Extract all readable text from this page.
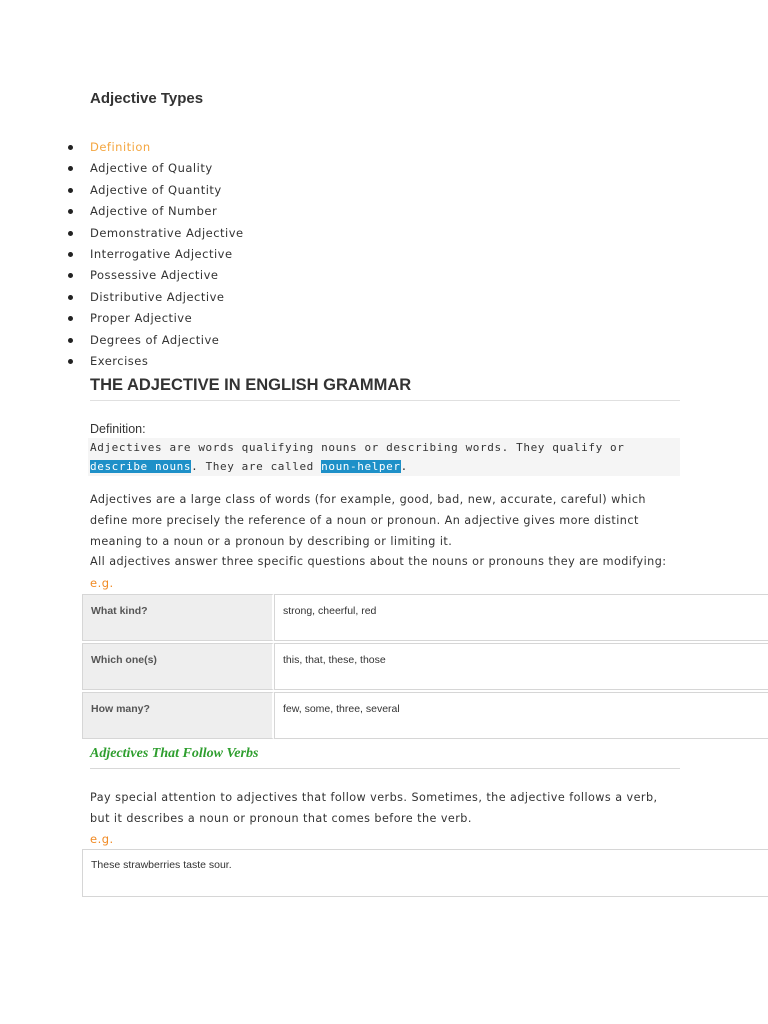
Adjective Types
Definition
Adjective of Quality
Adjective of Quantity
Adjective of Number
Demonstrative Adjective
Interrogative Adjective
Possessive Adjective
Distributive Adjective
Proper Adjective
Degrees of Adjective
Exercises
THE ADJECTIVE IN ENGLISH GRAMMAR
Definition:
Adjectives are words qualifying nouns or describing words. They qualify or describe nouns. They are called noun-helper.

Adjectives are a large class of words (for example, good, bad, new, accurate, careful) which define more precisely the reference of a noun or pronoun. An adjective gives more distinct meaning to a noun or a pronoun by describing or limiting it.

All adjectives answer three specific questions about the nouns or pronouns they are modifying:

e.g.

What kind?	strong, cheerful, red
Which one(s)	this, that, these, those
How many?	few, some, three, several
Adjectives That Follow Verbs

Pay special attention to adjectives that follow verbs. Sometimes, the adjective follows a verb, but it describes a noun or pronoun that comes before the verb.

e.g.

These strawberries taste sour.
